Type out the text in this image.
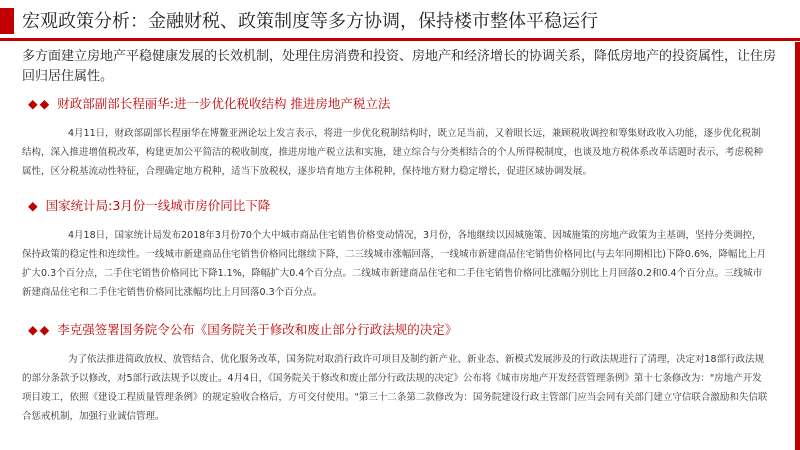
宏观政策分析：金融财税、政策制度等多方协调，保持楼市整体平稳运行
多方面建立房地产平稳健康发展的长效机制，处理住房消费和投资、房地产和经济增长的协调关系，降低房地产的投资属性，让住房回归居住属性。
◆◆ 财政部副部长程丽华:进一步优化税收结构 推进房地产税立法
4月11日，财政部副部长程丽华在博鳌亚洲论坛上发言表示，将进一步优化税制结构时，既立足当前，又着眼长远，兼顾税收调控和筹集财政收入功能，逐步优化税制结构，深入推进增值税改革，构建更加公平简洁的税收制度，推进房地产税立法和实施，建立综合与分类相结合的个人所得税制度，也谈及地方税体系改革话题时表示，考虑税种属性，区分税基流动性特征，合理确定地方税种，适当下放税权，逐步培育地方主体税种，保持地方财力稳定增长，促进区域协调发展。
◆ 国家统计局:3月份一线城市房价同比下降
4月18日，国家统计局发布2018年3月份70个大中城市商品住宅销售价格变动情况，3月份，各地继续以因城施策、因城施策的房地产政策为主基调，坚持分类调控，保持政策的稳定性和连续性。一线城市新建商品住宅销售价格同比继续下降，二三线城市涨幅回落，一线城市新建商品住宅销售价格同比(与去年同期相比)下降0.6%，降幅比上月扩大0.3个百分点，二手住宅销售价格同比下降1.1%，降幅扩大0.4个百分点。二线城市新建商品住宅和二手住宅销售价格同比涨幅分别比上月回落0.2和0.4个百分点。三线城市新建商品住宅和二手住宅销售价格同比涨幅均比上月回落0.3个百分点。
◆◆ 李克强签署国务院令公布《国务院关于修改和废止部分行政法规的决定》
为了依法推进简政放权、放管结合、优化服务改革，国务院对取消行政许可项目及制约新产业、新业态、新模式发展涉及的行政法规进行了清理，决定对18部行政法规的部分条款予以修改，对5部行政法规予以废止。4月4日，《国务院关于修改和废止部分行政法规的决定》公布将《城市房地产开发经营管理条例》第十七条修改为："房地产开发项目竣工，依照《建设工程质量管理条例》的规定验收合格后，方可交付使用。"第三十二条第二款修改为：国务院建设行政主管部门应当会同有关部门建立守信联合激励和失信联合惩戒机制，加强行业诚信管理。
